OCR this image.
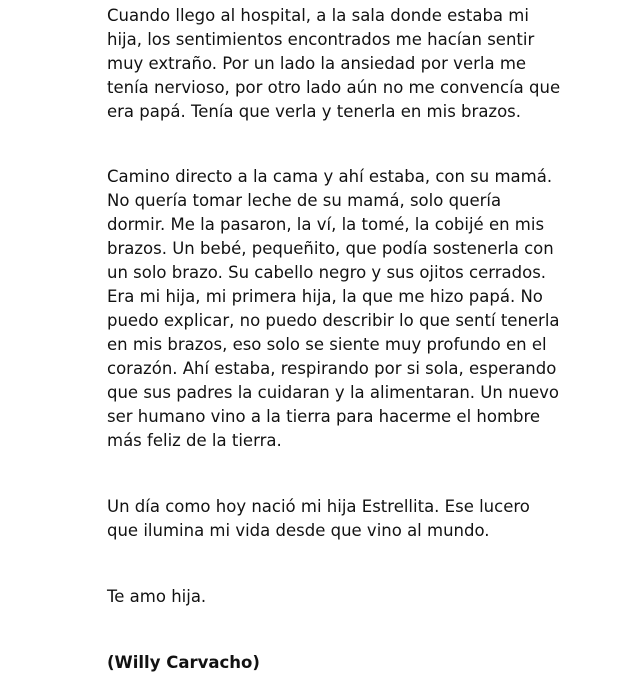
Cuando llego al hospital, a la sala donde estaba mi
hija, los sentimientos encontrados me hacían sentir
muy extraño. Por un lado la ansiedad por verla me
tenía nervioso, por otro lado aún no me convencía que
era papá. Tenía que verla y tenerla en mis brazos.

Camino directo a la cama y ahí estaba, con su mamá.
No quería tomar leche de su mamá, solo quería
dormir. Me la pasaron, la ví, la tomé, la cobijé en mis
brazos. Un bebé, pequeñito, que podía sostenerla con
un solo brazo. Su cabello negro y sus ojitos cerrados.
Era mi hija, mi primera hija, la que me hizo papá. No
puedo explicar, no puedo describir lo que sentí tenerla
en mis brazos, eso solo se siente muy profundo en el
corazón. Ahí estaba, respirando por si sola, esperando
que sus padres la cuidaran y la alimentaran. Un nuevo
ser humano vino a la tierra para hacerme el hombre
más feliz de la tierra.

Un día como hoy nació mi hija Estrellita. Ese lucero
que ilumina mi vida desde que vino al mundo.

Te amo hija.

(Willy Carvacho)
